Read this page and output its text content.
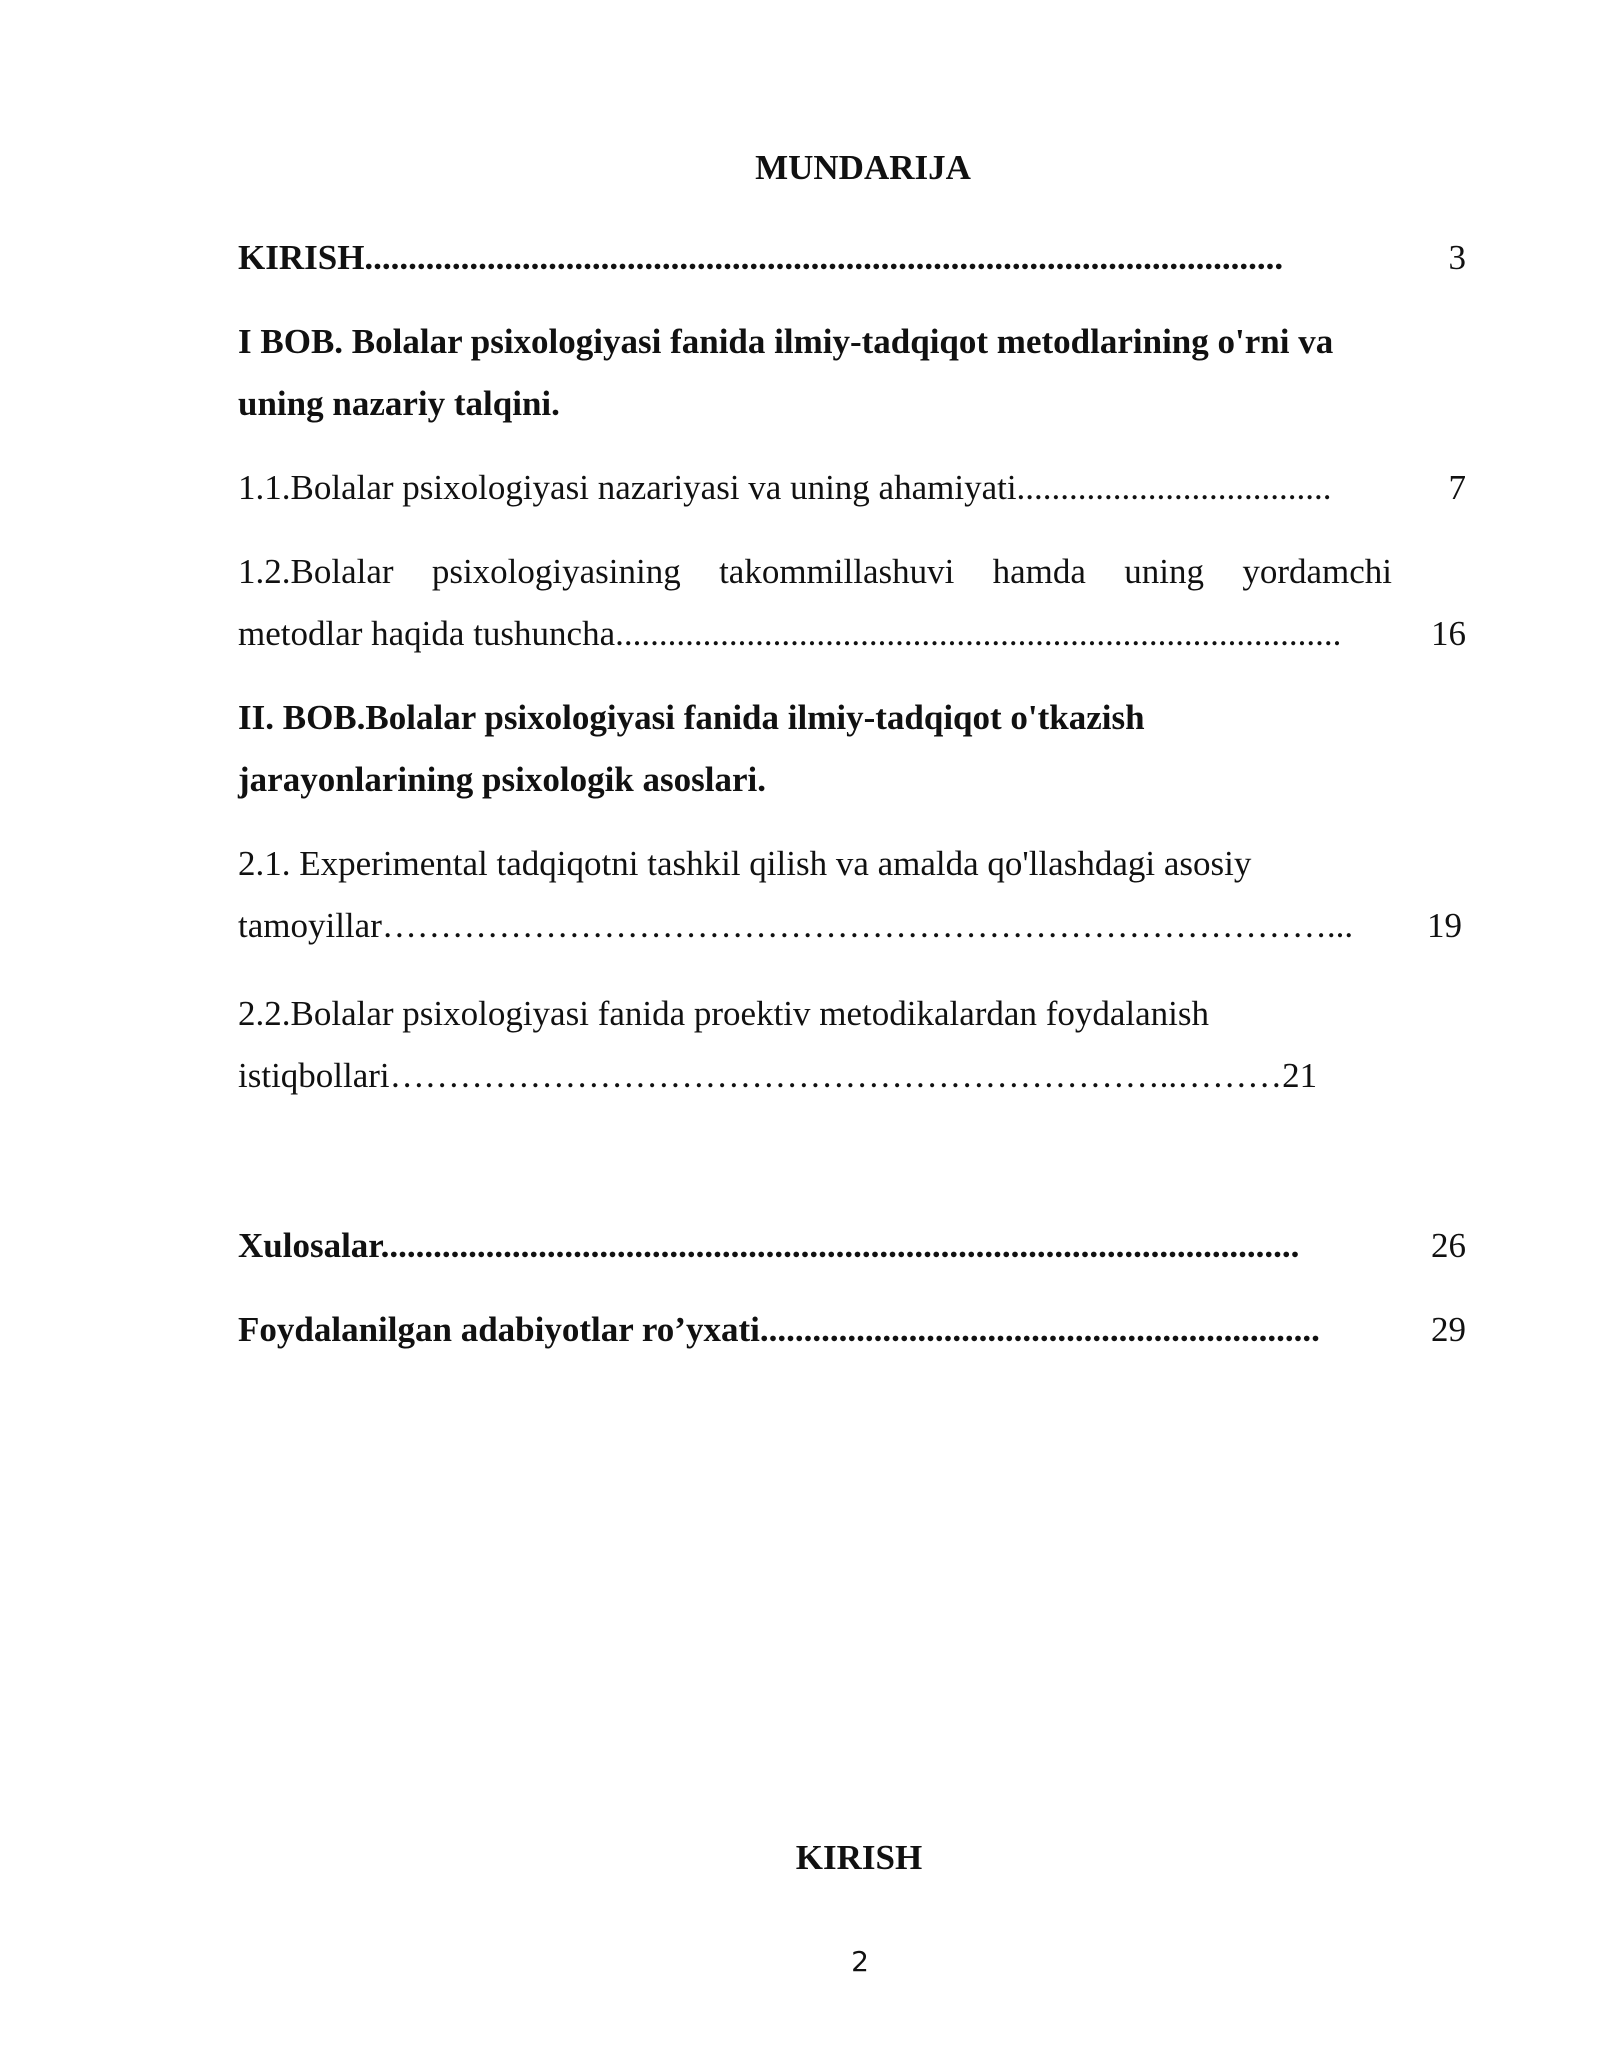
MUNDARIJA
KIRISH.........................................................................................................	3
I BOB. Bolalar psixologiyasi fanida ilmiy-tadqiqot metodlarining o'rni va
uning nazariy talqini.
1.1.Bolalar psixologiyasi nazariyasi va uning ahamiyati....................................	7
1.2.Bolalar psixologiyasining takommillashuvi hamda uning yordamchi
metodlar haqida tushuncha...................................................................................	16
II. BOB.Bolalar psixologiyasi fanida ilmiy-tadqiqot o'tkazish
jarayonlarining psixologik asoslari.
2.1. Experimental tadqiqotni tashkil qilish va amalda qo'llashdagi asosiy
tamoyillar………………………………………………………………………...	19
2.2.Bolalar psixologiyasi fanida proektiv metodikalardan foydalanish
istiqbollari…………………………………………………………..………21
Xulosalar.........................................................................................................	26
Foydalanilgan adabiyotlar ro’yxati................................................................	29
KIRISH
2
